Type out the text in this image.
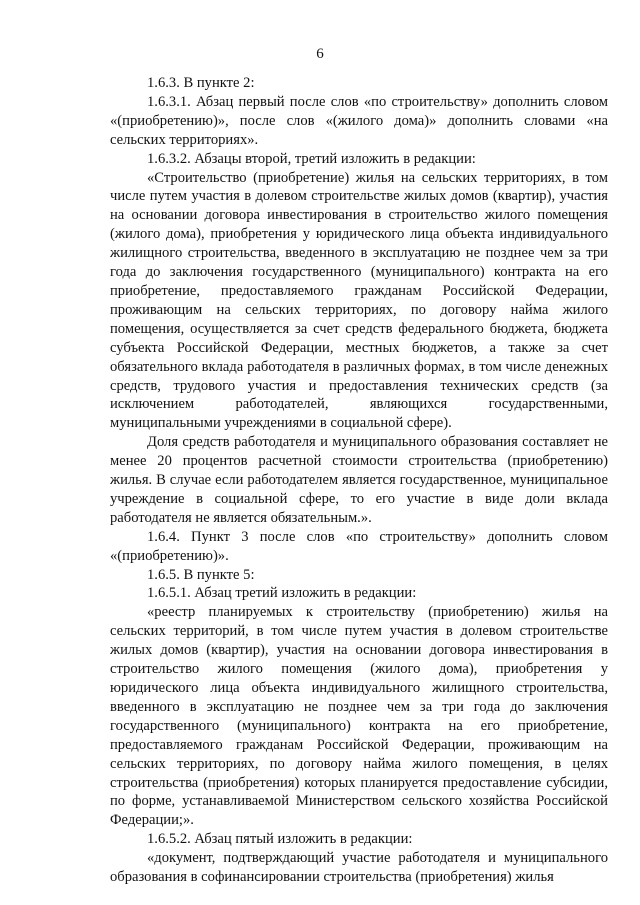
6

1.6.3. В пункте 2:

1.6.3.1. Абзац первый после слов «по строительству» дополнить словом «(приобретению)», после слов «(жилого дома)» дополнить словами «на сельских территориях».

1.6.3.2. Абзацы второй, третий изложить в редакции:

«Строительство (приобретение) жилья на сельских территориях, в том числе путем участия в долевом строительстве жилых домов (квартир), участия на основании договора инвестирования в строительство жилого помещения (жилого дома), приобретения у юридического лица объекта индивидуального жилищного строительства, введенного в эксплуатацию не позднее чем за три года до заключения государственного (муниципального) контракта на его приобретение, предоставляемого гражданам Российской Федерации, проживающим на сельских территориях, по договору найма жилого помещения, осуществляется за счет средств федерального бюджета, бюджета субъекта Российской Федерации, местных бюджетов, а также за счет обязательного вклада работодателя в различных формах, в том числе денежных средств, трудового участия и предоставления технических средств (за исключением работодателей, являющихся государственными, муниципальными учреждениями в социальной сфере).

Доля средств работодателя и муниципального образования составляет не менее 20 процентов расчетной стоимости строительства (приобретению) жилья. В случае если работодателем является государственное, муниципальное учреждение в социальной сфере, то его участие в виде доли вклада работодателя не является обязательным.».

1.6.4. Пункт 3 после слов «по строительству» дополнить словом «(приобретению)».

1.6.5. В пункте 5:

1.6.5.1. Абзац третий изложить в редакции:

«реестр планируемых к строительству (приобретению) жилья на сельских территорий, в том числе путем участия в долевом строительстве жилых домов (квартир), участия на основании договора инвестирования в строительство жилого помещения (жилого дома), приобретения у юридического лица объекта индивидуального жилищного строительства, введенного в эксплуатацию не позднее чем за три года до заключения государственного (муниципального) контракта на его приобретение, предоставляемого гражданам Российской Федерации, проживающим на сельских территориях, по договору найма жилого помещения, в целях строительства (приобретения) которых планируется предоставление субсидии, по форме, устанавливаемой Министерством сельского хозяйства Российской Федерации;».

1.6.5.2. Абзац пятый изложить в редакции:

«документ, подтверждающий участие работодателя и муниципального образования в софинансировании строительства (приобретения) жилья
